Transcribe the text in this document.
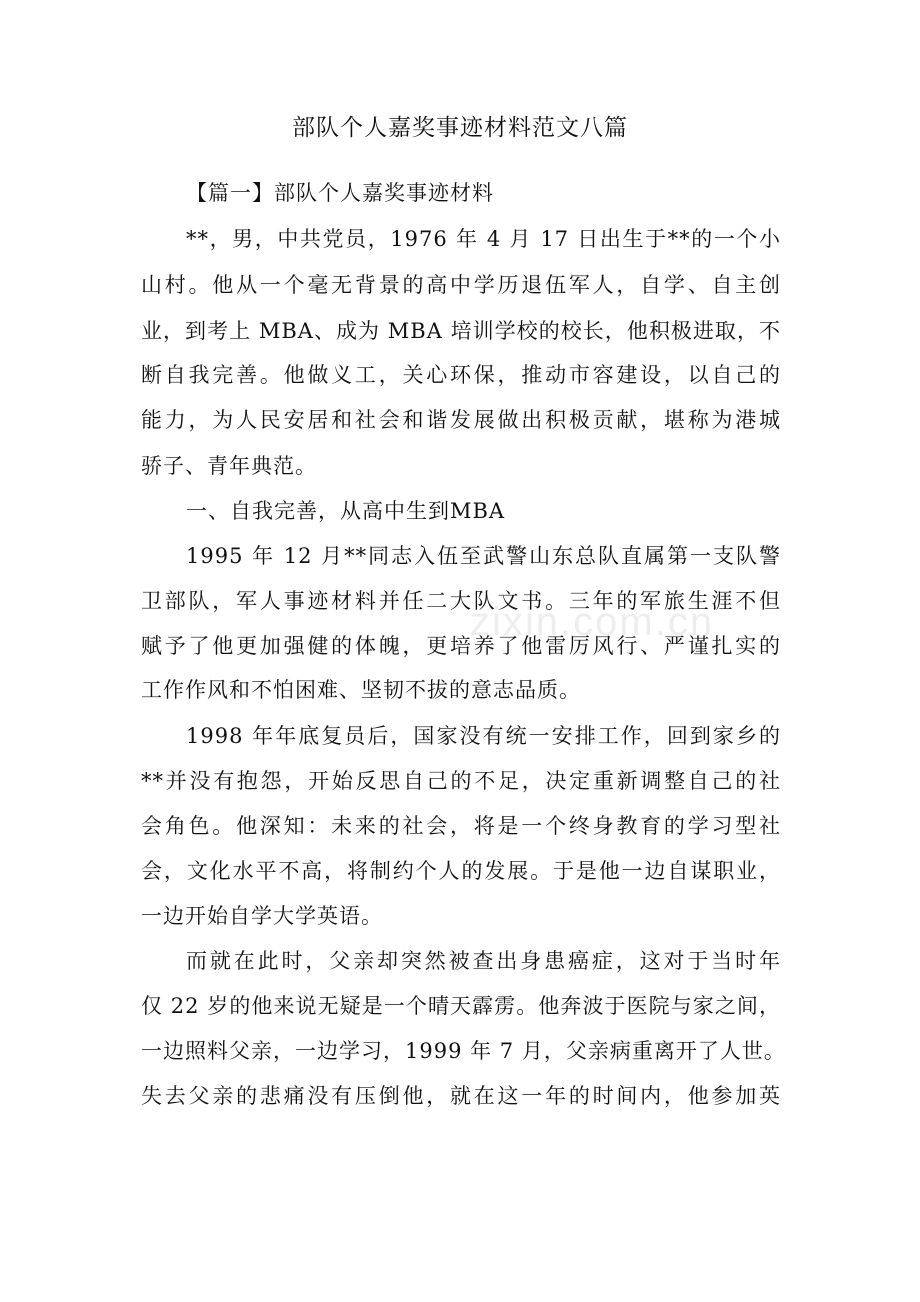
zixin.com.cn
部队个人嘉奖事迹材料范文八篇
【篇一】部队个人嘉奖事迹材料
**，男，中共党员，1976 年 4 月 17 日出生于**的一个小
山村。他从一个毫无背景的高中学历退伍军人，自学、自主创
业，到考上 MBA、成为 MBA 培训学校的校长，他积极进取，不
断自我完善。他做义工，关心环保，推动市容建设，以自己的
能力，为人民安居和社会和谐发展做出积极贡献，堪称为港城
骄子、青年典范。
一、自我完善，从高中生到MBA
1995 年 12 月**同志入伍至武警山东总队直属第一支队警
卫部队，军人事迹材料并任二大队文书。三年的军旅生涯不但
赋予了他更加强健的体魄，更培养了他雷厉风行、严谨扎实的
工作作风和不怕困难、坚韧不拔的意志品质。
1998 年年底复员后，国家没有统一安排工作，回到家乡的
**并没有抱怨，开始反思自己的不足，决定重新调整自己的社
会角色。他深知：未来的社会，将是一个终身教育的学习型社
会，文化水平不高，将制约个人的发展。于是他一边自谋职业，
一边开始自学大学英语。
而就在此时，父亲却突然被查出身患癌症，这对于当时年
仅 22 岁的他来说无疑是一个晴天霹雳。他奔波于医院与家之间，
一边照料父亲，一边学习，1999 年 7 月，父亲病重离开了人世。
失去父亲的悲痛没有压倒他，就在这一年的时间内，他参加英
